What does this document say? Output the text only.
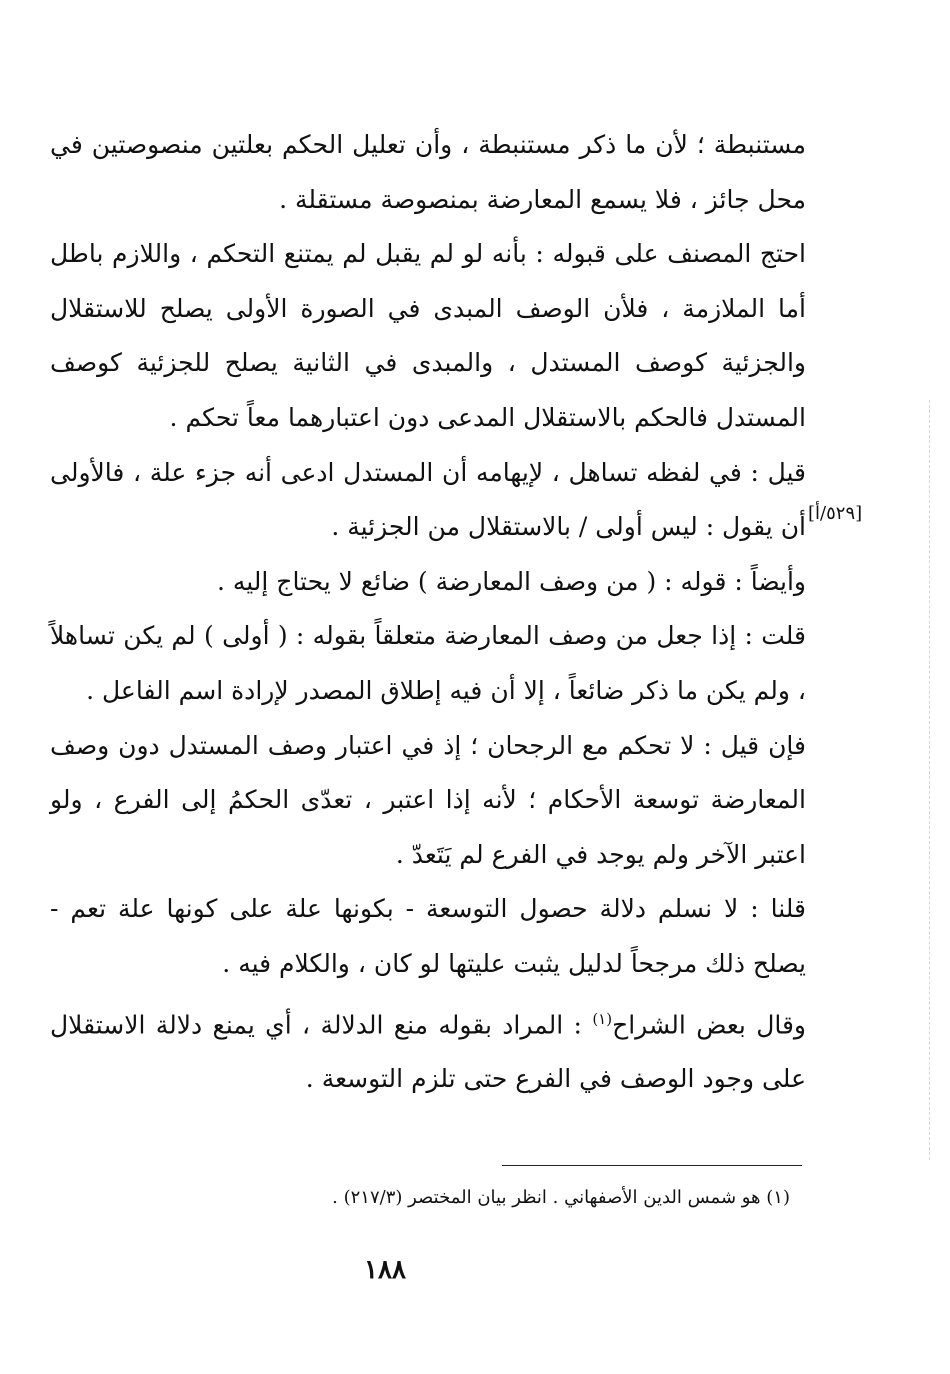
[٥٢٩/أ]

مستنبطة ؛ لأن ما ذكر مستنبطة ، وأن تعليل الحكم بعلتين منصوصتين في محل جائز ، فلا يسمع المعارضة بمنصوصة مستقلة .

احتج المصنف على قبوله : بأنه لو لم يقبل لم يمتنع التحكم ، واللازم باطل أما الملازمة ، فلأن الوصف المبدى في الصورة الأولى يصلح للاستقلال والجزئية كوصف المستدل ، والمبدى في الثانية يصلح للجزئية كوصف المستدل فالحكم بالاستقلال المدعى دون اعتبارهما معاً تحكم .

قيل : في لفظه تساهل ، لإيهامه أن المستدل ادعى أنه جزء علة ، فالأولى أن يقول : ليس أولى / بالاستقلال من الجزئية .

وأيضاً : قوله : ( من وصف المعارضة ) ضائع لا يحتاج إليه .

قلت : إذا جعل من وصف المعارضة متعلقاً بقوله : ( أولى ) لم يكن تساهلاً ، ولم يكن ما ذكر ضائعاً ، إلا أن فيه إطلاق المصدر لإرادة اسم الفاعل .

فإن قيل : لا تحكم مع الرجحان ؛ إذ في اعتبار وصف المستدل دون وصف المعارضة توسعة الأحكام ؛ لأنه إذا اعتبر ، تعدّى الحكمُ إلى الفرع ، ولو اعتبر الآخر ولم يوجد في الفرع لم يَتَعدّ .

قلنا : لا نسلم دلالة حصول التوسعة - بكونها علة على كونها علة تعم - يصلح ذلك مرجحاً لدليل يثبت عليتها لو كان ، والكلام فيه .

وقال بعض الشراح$^{(١)}$ : المراد بقوله منع الدلالة ، أي يمنع دلالة الاستقلال على وجود الوصف في الفرع حتى تلزم التوسعة .

(١) هو شمس الدين الأصفهاني . انظر بيان المختصر (٢١٧/٣) .
١٨٨
